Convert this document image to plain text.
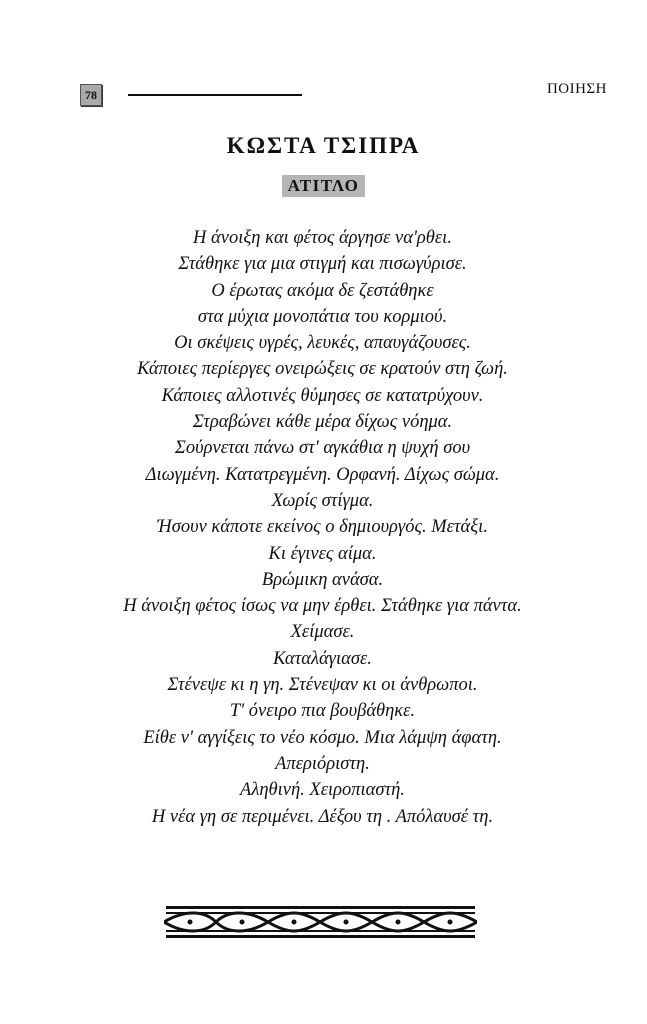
78	ΠΟΙΗΣΗ
ΚΩΣΤΑ ΤΣΙΠΡΑ
ΑΤΙΤΛΟ
Η άνοιξη και φέτος άργησε να'ρθει.
Στάθηκε για μια στιγμή και πισωγύρισε.
Ο έρωτας ακόμα δε ζεστάθηκε
στα μύχια μονοπάτια του κορμιού.
Οι σκέψεις υγρές, λευκές, απαυγάζουσες.
Κάποιες περίεργες ονειρώξεις σε κρατούν στη ζωή.
Κάποιες αλλοτινές θύμησες σε κατατρύχουν.
Στραβώνει κάθε μέρα δίχως νόημα.
Σούρνεται πάνω στ' αγκάθια η ψυχή σου
Διωγμένη. Κατατρεγμένη. Ορφανή. Δίχως σώμα.
Χωρίς στίγμα.
Ήσουν κάποτε εκείνος ο δημιουργός. Μετάξι.
Κι έγινες αίμα.
Βρώμικη ανάσα.
Η άνοιξη φέτος ίσως να μην έρθει. Στάθηκε για πάντα.
Χείμασε.
Καταλάγιασε.
Στένεψε κι η γη. Στένεψαν κι οι άνθρωποι.
Τ' όνειρο πια βουβάθηκε.
Είθε ν' αγγίξεις το νέο κόσμο. Μια λάμψη άφατη.
Απεριόριστη.
Αληθινή. Χειροπιαστή.
Η νέα γη σε περιμένει. Δέξου τη . Απόλαυσέ τη.
